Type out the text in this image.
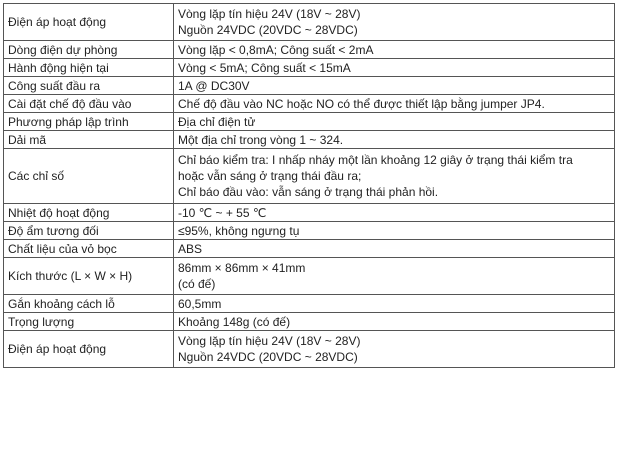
Điện áp hoạt động	Vòng lặp tín hiệu 24V (18V ~ 28V)
Nguồn 24VDC (20VDC ~ 28VDC)

Dòng điện dự phòng	Vòng lặp < 0,8mA; Công suất < 2mA

Hành động hiện tại	Vòng < 5mA; Công suất < 15mA

Công suất đầu ra	1A @ DC30V

Cài đặt chế độ đầu vào	Chế độ đầu vào NC hoặc NO có thể được thiết lập bằng jumper JP4.

Phương pháp lập trình	Địa chỉ điện tử

Dải mã	Một địa chỉ trong vòng 1 ~ 324.

Các chỉ số	Chỉ báo kiểm tra: I nhấp nháy một lần khoảng 12 giây ở trạng thái kiểm tra
hoặc vẫn sáng ở trạng thái đầu ra;
Chỉ báo đầu vào: vẫn sáng ở trạng thái phản hồi.

Nhiệt độ hoạt động	-10 ℃ ~ + 55 ℃

Độ ẩm tương đối	≤95%, không ngưng tụ

Chất liệu của vỏ bọc	ABS

Kích thước (L × W × H)	86mm × 86mm × 41mm
(có đế)

Gắn khoảng cách lỗ	60,5mm

Trọng lượng	Khoảng 148g (có đế)

Điện áp hoạt động	Vòng lặp tín hiệu 24V (18V ~ 28V)
Nguồn 24VDC (20VDC ~ 28VDC)
